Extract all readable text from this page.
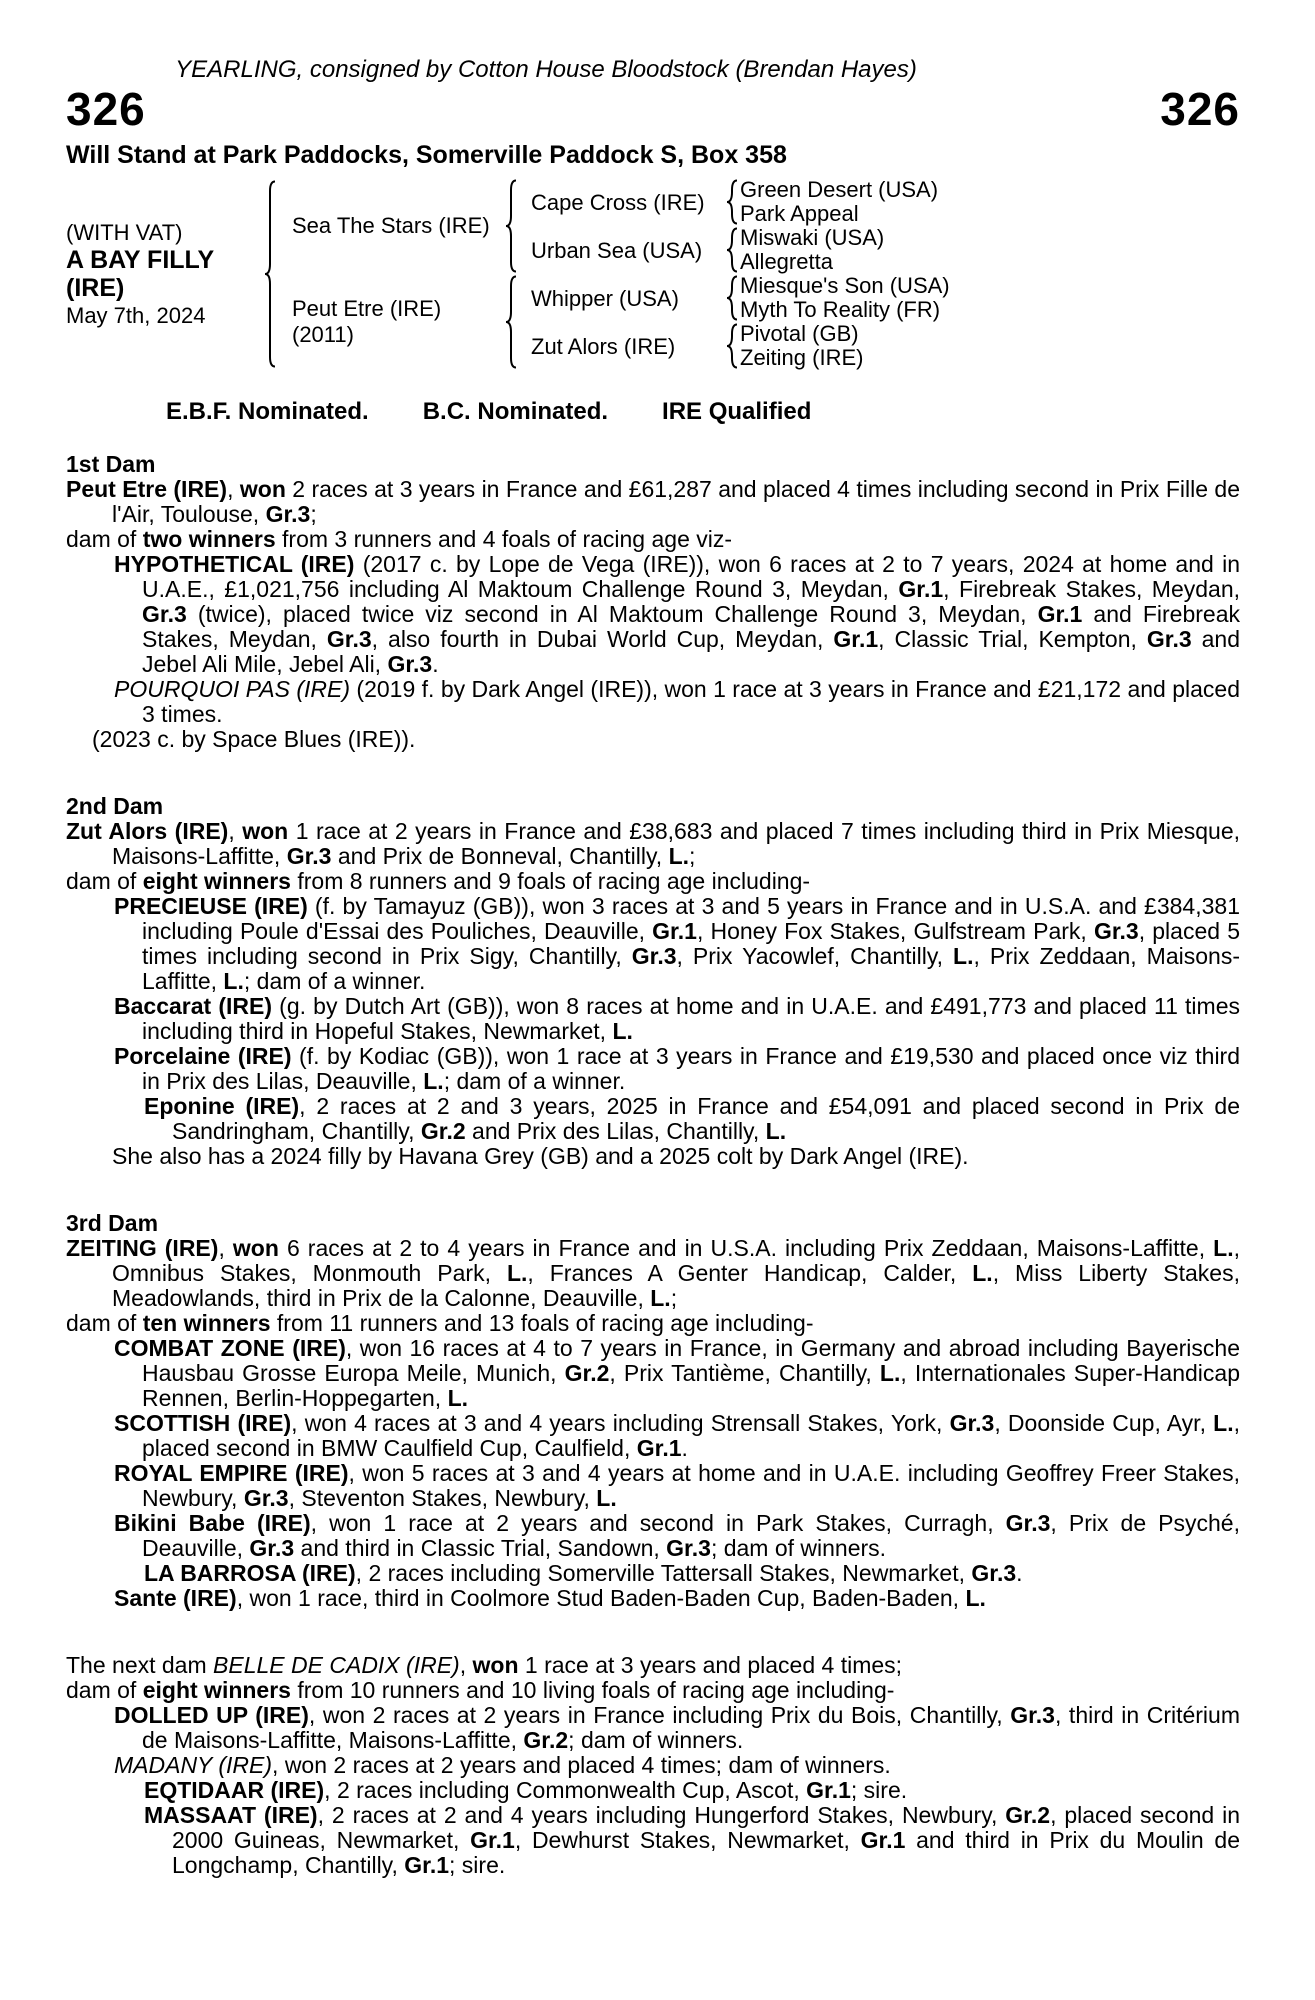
YEARLING, consigned by Cotton House Bloodstock (Brendan Hayes)
326	326
Will Stand at Park Paddocks, Somerville Paddock S, Box 358
(WITH VAT)
A BAY FILLY (IRE)
May 7th, 2024
Sea The Stars (IRE)
Cape Cross (IRE)	Green Desert (USA)
Park Appeal
Urban Sea (USA)	Miswaki (USA)
Allegretta
Peut Etre (IRE)
(2011)
Whipper (USA)	Miesque's Son (USA)
Myth To Reality (FR)
Zut Alors (IRE)	Pivotal (GB)
Zeiting (IRE)
E.B.F. Nominated. B.C. Nominated. IRE Qualified

1st Dam

Peut Etre (IRE), won 2 races at 3 years in France and £61,287 and placed 4 times including second in Prix Fille de l'Air, Toulouse, Gr.3;

dam of two winners from 3 runners and 4 foals of racing age viz-

HYPOTHETICAL (IRE) (2017 c. by Lope de Vega (IRE)), won 6 races at 2 to 7 years, 2024 at home and in U.A.E., £1,021,756 including Al Maktoum Challenge Round 3, Meydan, Gr.1, Firebreak Stakes, Meydan, Gr.3 (twice), placed twice viz second in Al Maktoum Challenge Round 3, Meydan, Gr.1 and Firebreak Stakes, Meydan, Gr.3, also fourth in Dubai World Cup, Meydan, Gr.1, Classic Trial, Kempton, Gr.3 and Jebel Ali Mile, Jebel Ali, Gr.3.

POURQUOI PAS (IRE) (2019 f. by Dark Angel (IRE)), won 1 race at 3 years in France and £21,172 and placed 3 times.

(2023 c. by Space Blues (IRE)).

2nd Dam

Zut Alors (IRE), won 1 race at 2 years in France and £38,683 and placed 7 times including third in Prix Miesque, Maisons-Laffitte, Gr.3 and Prix de Bonneval, Chantilly, L.;

dam of eight winners from 8 runners and 9 foals of racing age including-

PRECIEUSE (IRE) (f. by Tamayuz (GB)), won 3 races at 3 and 5 years in France and in U.S.A. and £384,381 including Poule d'Essai des Pouliches, Deauville, Gr.1, Honey Fox Stakes, Gulfstream Park, Gr.3, placed 5 times including second in Prix Sigy, Chantilly, Gr.3, Prix Yacowlef, Chantilly, L., Prix Zeddaan, Maisons-Laffitte, L.; dam of a winner.

Baccarat (IRE) (g. by Dutch Art (GB)), won 8 races at home and in U.A.E. and £491,773 and placed 11 times including third in Hopeful Stakes, Newmarket, L.

Porcelaine (IRE) (f. by Kodiac (GB)), won 1 race at 3 years in France and £19,530 and placed once viz third in Prix des Lilas, Deauville, L.; dam of a winner.

Eponine (IRE), 2 races at 2 and 3 years, 2025 in France and £54,091 and placed second in Prix de Sandringham, Chantilly, Gr.2 and Prix des Lilas, Chantilly, L.

She also has a 2024 filly by Havana Grey (GB) and a 2025 colt by Dark Angel (IRE).

3rd Dam

ZEITING (IRE), won 6 races at 2 to 4 years in France and in U.S.A. including Prix Zeddaan, Maisons-Laffitte, L., Omnibus Stakes, Monmouth Park, L., Frances A Genter Handicap, Calder, L., Miss Liberty Stakes, Meadowlands, third in Prix de la Calonne, Deauville, L.;

dam of ten winners from 11 runners and 13 foals of racing age including-

COMBAT ZONE (IRE), won 16 races at 4 to 7 years in France, in Germany and abroad including Bayerische Hausbau Grosse Europa Meile, Munich, Gr.2, Prix Tantième, Chantilly, L., Internationales Super-Handicap Rennen, Berlin-Hoppegarten, L.

SCOTTISH (IRE), won 4 races at 3 and 4 years including Strensall Stakes, York, Gr.3, Doonside Cup, Ayr, L., placed second in BMW Caulfield Cup, Caulfield, Gr.1.

ROYAL EMPIRE (IRE), won 5 races at 3 and 4 years at home and in U.A.E. including Geoffrey Freer Stakes, Newbury, Gr.3, Steventon Stakes, Newbury, L.

Bikini Babe (IRE), won 1 race at 2 years and second in Park Stakes, Curragh, Gr.3, Prix de Psyché, Deauville, Gr.3 and third in Classic Trial, Sandown, Gr.3; dam of winners.

LA BARROSA (IRE), 2 races including Somerville Tattersall Stakes, Newmarket, Gr.3.

Sante (IRE), won 1 race, third in Coolmore Stud Baden-Baden Cup, Baden-Baden, L.

The next dam BELLE DE CADIX (IRE), won 1 race at 3 years and placed 4 times;

dam of eight winners from 10 runners and 10 living foals of racing age including-

DOLLED UP (IRE), won 2 races at 2 years in France including Prix du Bois, Chantilly, Gr.3, third in Critérium de Maisons-Laffitte, Maisons-Laffitte, Gr.2; dam of winners.

MADANY (IRE), won 2 races at 2 years and placed 4 times; dam of winners.

EQTIDAAR (IRE), 2 races including Commonwealth Cup, Ascot, Gr.1; sire.

MASSAAT (IRE), 2 races at 2 and 4 years including Hungerford Stakes, Newbury, Gr.2, placed second in 2000 Guineas, Newmarket, Gr.1, Dewhurst Stakes, Newmarket, Gr.1 and third in Prix du Moulin de Longchamp, Chantilly, Gr.1; sire.
